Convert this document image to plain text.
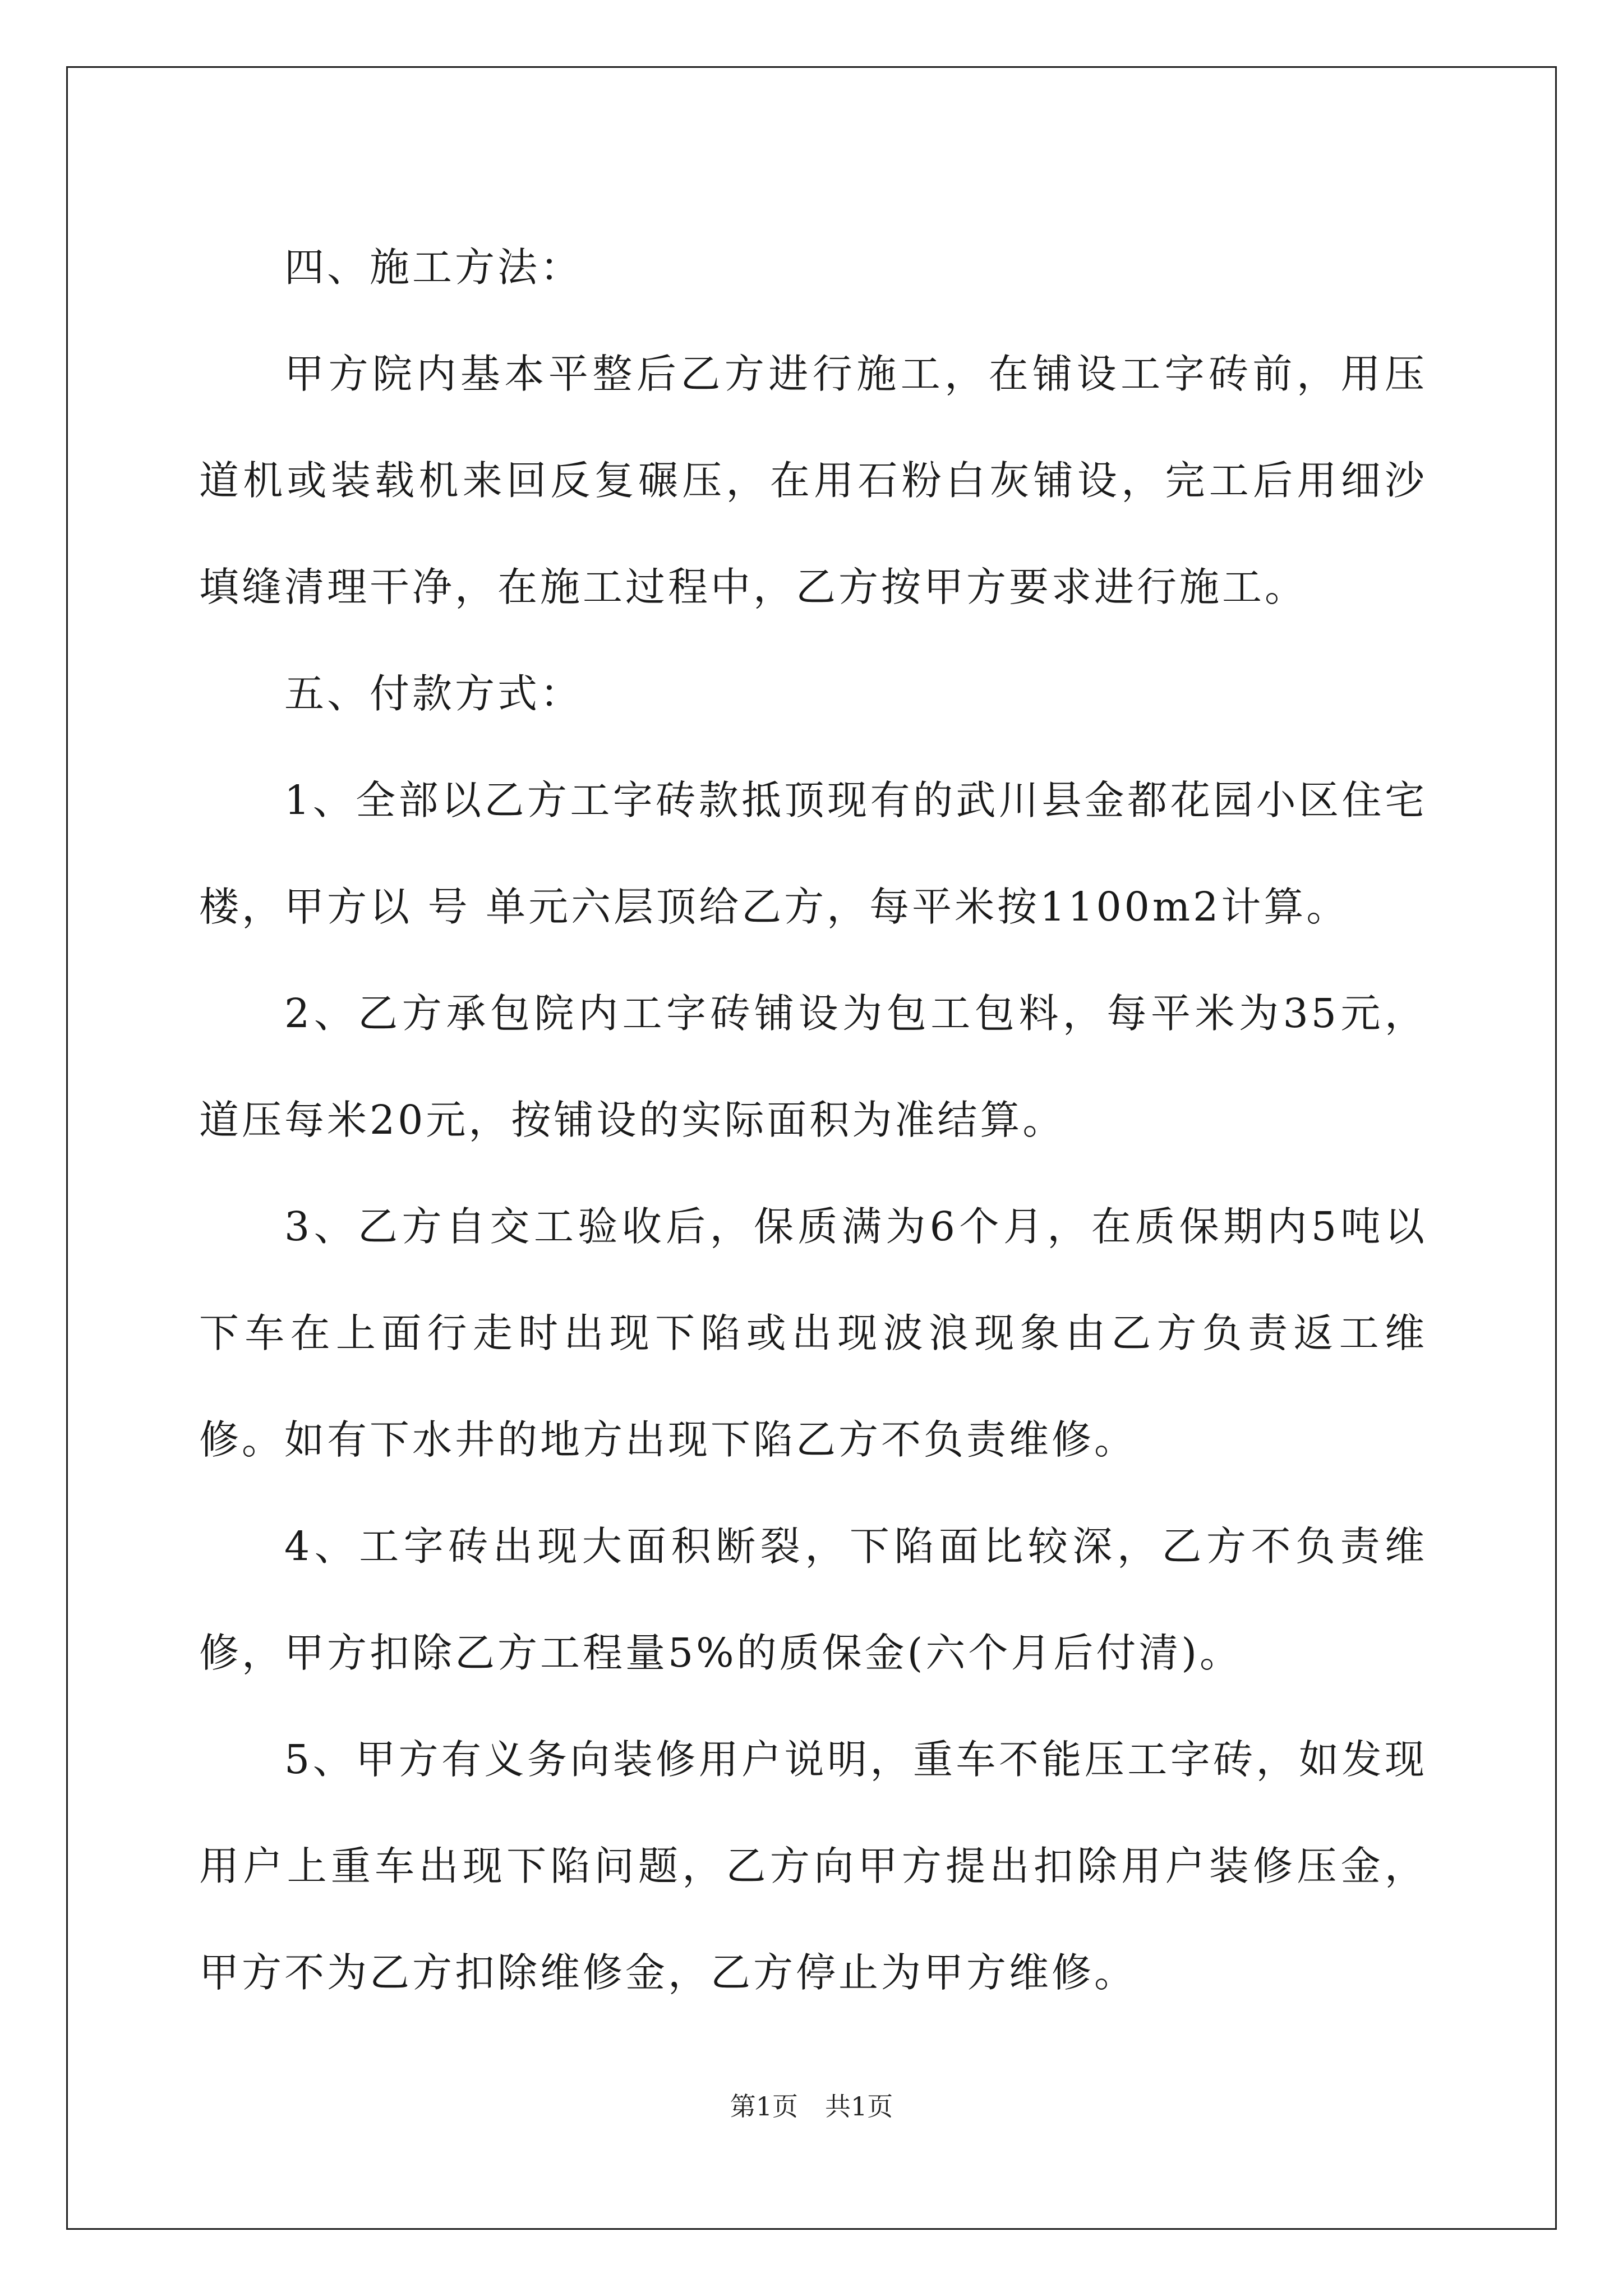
四、施工方法：

甲方院内基本平整后乙方进行施工，在铺设工字砖前，用压道机或装载机来回反复碾压，在用石粉白灰铺设，完工后用细沙填缝清理干净，在施工过程中，乙方按甲方要求进行施工。

五、付款方式：

1、全部以乙方工字砖款抵顶现有的武川县金都花园小区住宅楼，甲方以 号 单元六层顶给乙方，每平米按1100m2计算。

2、乙方承包院内工字砖铺设为包工包料，每平米为35元，道压每米20元，按铺设的实际面积为准结算。

3、乙方自交工验收后，保质满为6个月，在质保期内5吨以下车在上面行走时出现下陷或出现波浪现象由乙方负责返工维修。如有下水井的地方出现下陷乙方不负责维修。

4、工字砖出现大面积断裂，下陷面比较深，乙方不负责维修，甲方扣除乙方工程量5%的质保金(六个月后付清)。

5、甲方有义务向装修用户说明，重车不能压工字砖，如发现用户上重车出现下陷问题，乙方向甲方提出扣除用户装修压金，甲方不为乙方扣除维修金，乙方停止为甲方维修。

第1页 共1页
